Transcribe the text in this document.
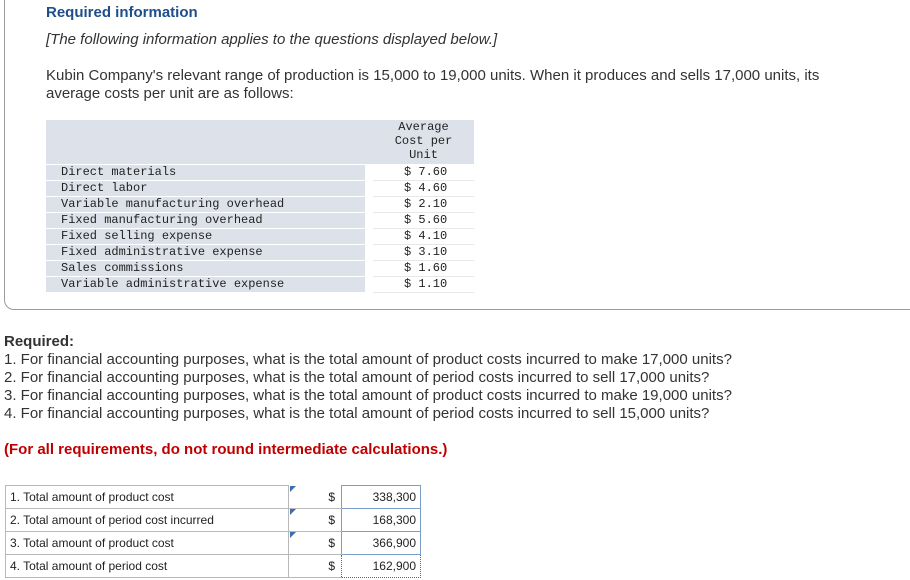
Required information
[The following information applies to the questions displayed below.]
Kubin Company's relevant range of production is 15,000 to 19,000 units. When it produces and sells 17,000 units, its average costs per unit are as follows:

		Average
Cost per
Unit

Direct materials		$ 7.60
Direct labor		$ 4.60
Variable manufacturing overhead		$ 2.10
Fixed manufacturing overhead		$ 5.60
Fixed selling expense		$ 4.10
Fixed administrative expense		$ 3.10
Sales commissions		$ 1.60
Variable administrative expense		$ 1.10
Required:
1. For financial accounting purposes, what is the total amount of product costs incurred to make 17,000 units?
2. For financial accounting purposes, what is the total amount of period costs incurred to sell 17,000 units?
3. For financial accounting purposes, what is the total amount of product costs incurred to make 19,000 units?
4. For financial accounting purposes, what is the total amount of period costs incurred to sell 15,000 units?
(For all requirements, do not round intermediate calculations.)
1. Total amount of product cost	$	338,300
2. Total amount of period cost incurred	$	168,300
3. Total amount of product cost	$	366,900
4. Total amount of period cost	$	162,900
